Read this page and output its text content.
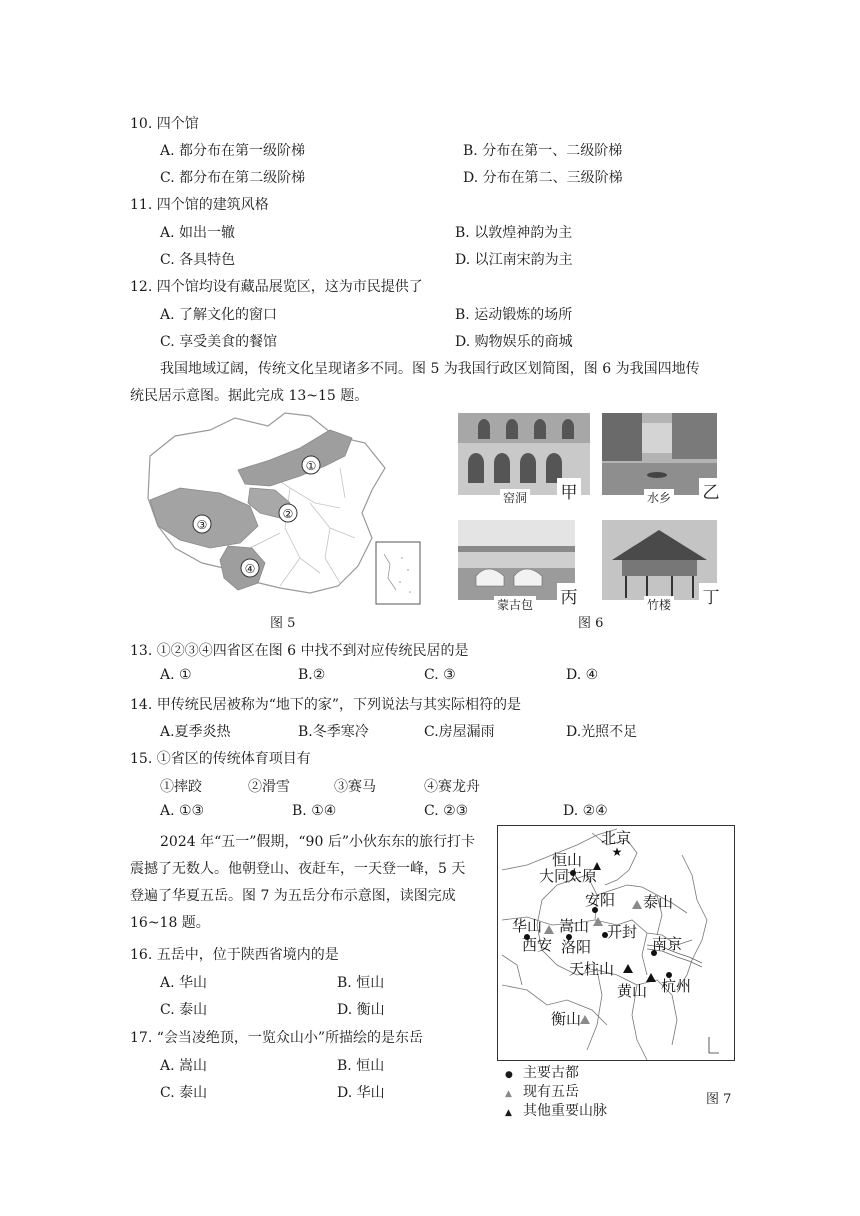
10. 四个馆
A. 都分布在第一级阶梯	B. 分布在第一、二级阶梯
C. 都分布在第二级阶梯	D. 分布在第二、三级阶梯
11. 四个馆的建筑风格
A. 如出一辙	B. 以敦煌神韵为主
C. 各具特色	D. 以江南宋韵为主
12. 四个馆均设有藏品展览区，这为市民提供了
A. 了解文化的窗口	B. 运动锻炼的场所
C. 享受美食的餐馆	D. 购物娱乐的商城
我国地域辽阔，传统文化呈现诸多不同。图 5 为我国行政区划简图，图 6 为我国四地传
统民居示意图。据此完成 13~15 题。
①
②
③
④
图 5
窑洞 甲	水乡 乙
蒙古包 丙	竹楼 丁
图 6
13. ①②③④四省区在图 6 中找不到对应传统民居的是
A. ①	B.②	C. ③	D. ④
14. 甲传统民居被称为“地下的家”，下列说法与其实际相符的是
A.夏季炎热	B.冬季寒冷	C.房屋漏雨	D.光照不足
15. ①省区的传统体育项目有
①摔跤	②滑雪	③赛马	④赛龙舟
A. ①③	B. ①④	C. ②③	D. ②④
2024 年“五一”假期，“90 后”小伙东东的旅行打卡
震撼了无数人。他朝登山、夜赶车，一天登一峰，5 天
登遍了华夏五岳。图 7 为五岳分布示意图，读图完成
16~18 题。
16. 五岳中，位于陕西省境内的是
A. 华山	B. 恒山
C. 泰山	D. 衡山
17. “会当凌绝顶，一览众山小”所描绘的是东岳
A. 嵩山	B. 恒山
C. 泰山	D. 华山
★
北京
恒山
大同
太原
安阳 泰山
华山 嵩山 开封
西安 洛阳	南京
天柱山
黄山 杭州
衡山
● 主要古都
▲ 现有五岳
▲ 其他重要山脉
图 7
